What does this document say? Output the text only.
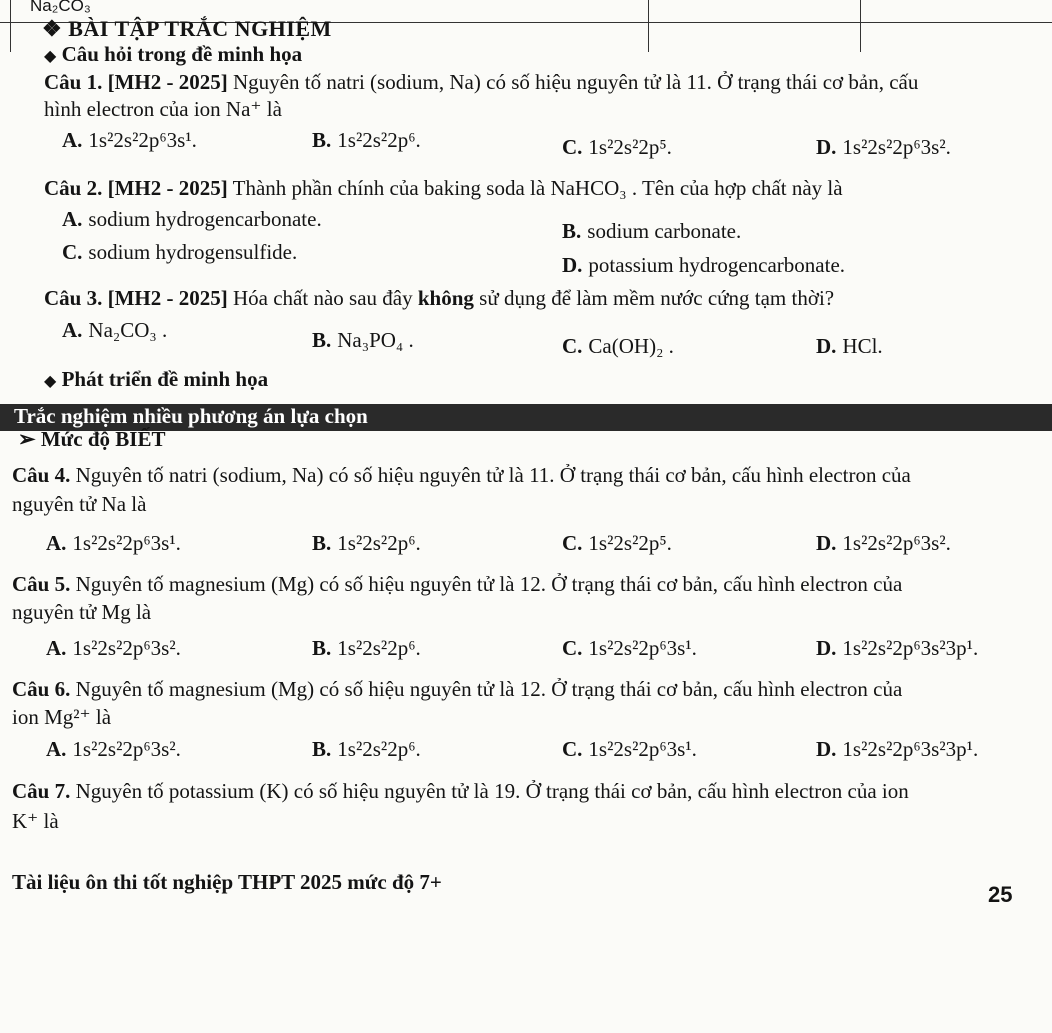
Na₂CO₃
❖ BÀI TẬP TRẮC NGHIỆM
◆ Câu hỏi trong đề minh họa
Câu 1. [MH2 - 2025] Nguyên tố natri (sodium, Na) có số hiệu nguyên tử là 11. Ở trạng thái cơ bản, cấu
hình electron của ion Na⁺ là
A. 1s²2s²2p⁶3s¹.	B. 1s²2s²2p⁶.	C. 1s²2s²2p⁵.	D. 1s²2s²2p⁶3s².
Câu 2. [MH2 - 2025] Thành phần chính của baking soda là NaHCO₃ . Tên của hợp chất này là
A. sodium hydrogencarbonate.	B. sodium carbonate.
C. sodium hydrogensulfide.
D. potassium hydrogencarbonate.
Câu 3. [MH2 - 2025] Hóa chất nào sau đây không sử dụng để làm mềm nước cứng tạm thời?
A. Na₂CO₃ .	B. Na₃PO₄ .	C. Ca(OH)₂ .	D. HCl.
◆ Phát triển đề minh họa
Trắc nghiệm nhiều phương án lựa chọn
➢ Mức độ BIẾT
Câu 4. Nguyên tố natri (sodium, Na) có số hiệu nguyên tử là 11. Ở trạng thái cơ bản, cấu hình electron của
nguyên tử Na là
A. 1s²2s²2p⁶3s¹.	B. 1s²2s²2p⁶.	C. 1s²2s²2p⁵.	D. 1s²2s²2p⁶3s².
Câu 5. Nguyên tố magnesium (Mg) có số hiệu nguyên tử là 12. Ở trạng thái cơ bản, cấu hình electron của
nguyên tử Mg là
A. 1s²2s²2p⁶3s².	B. 1s²2s²2p⁶.	C. 1s²2s²2p⁶3s¹.	D. 1s²2s²2p⁶3s²3p¹.
Câu 6. Nguyên tố magnesium (Mg) có số hiệu nguyên tử là 12. Ở trạng thái cơ bản, cấu hình electron của
ion Mg²⁺ là
A. 1s²2s²2p⁶3s².	B. 1s²2s²2p⁶.	C. 1s²2s²2p⁶3s¹.	D. 1s²2s²2p⁶3s²3p¹.
Câu 7. Nguyên tố potassium (K) có số hiệu nguyên tử là 19. Ở trạng thái cơ bản, cấu hình electron của ion
K⁺ là
Tài liệu ôn thi tốt nghiệp THPT 2025 mức độ 7+	25
